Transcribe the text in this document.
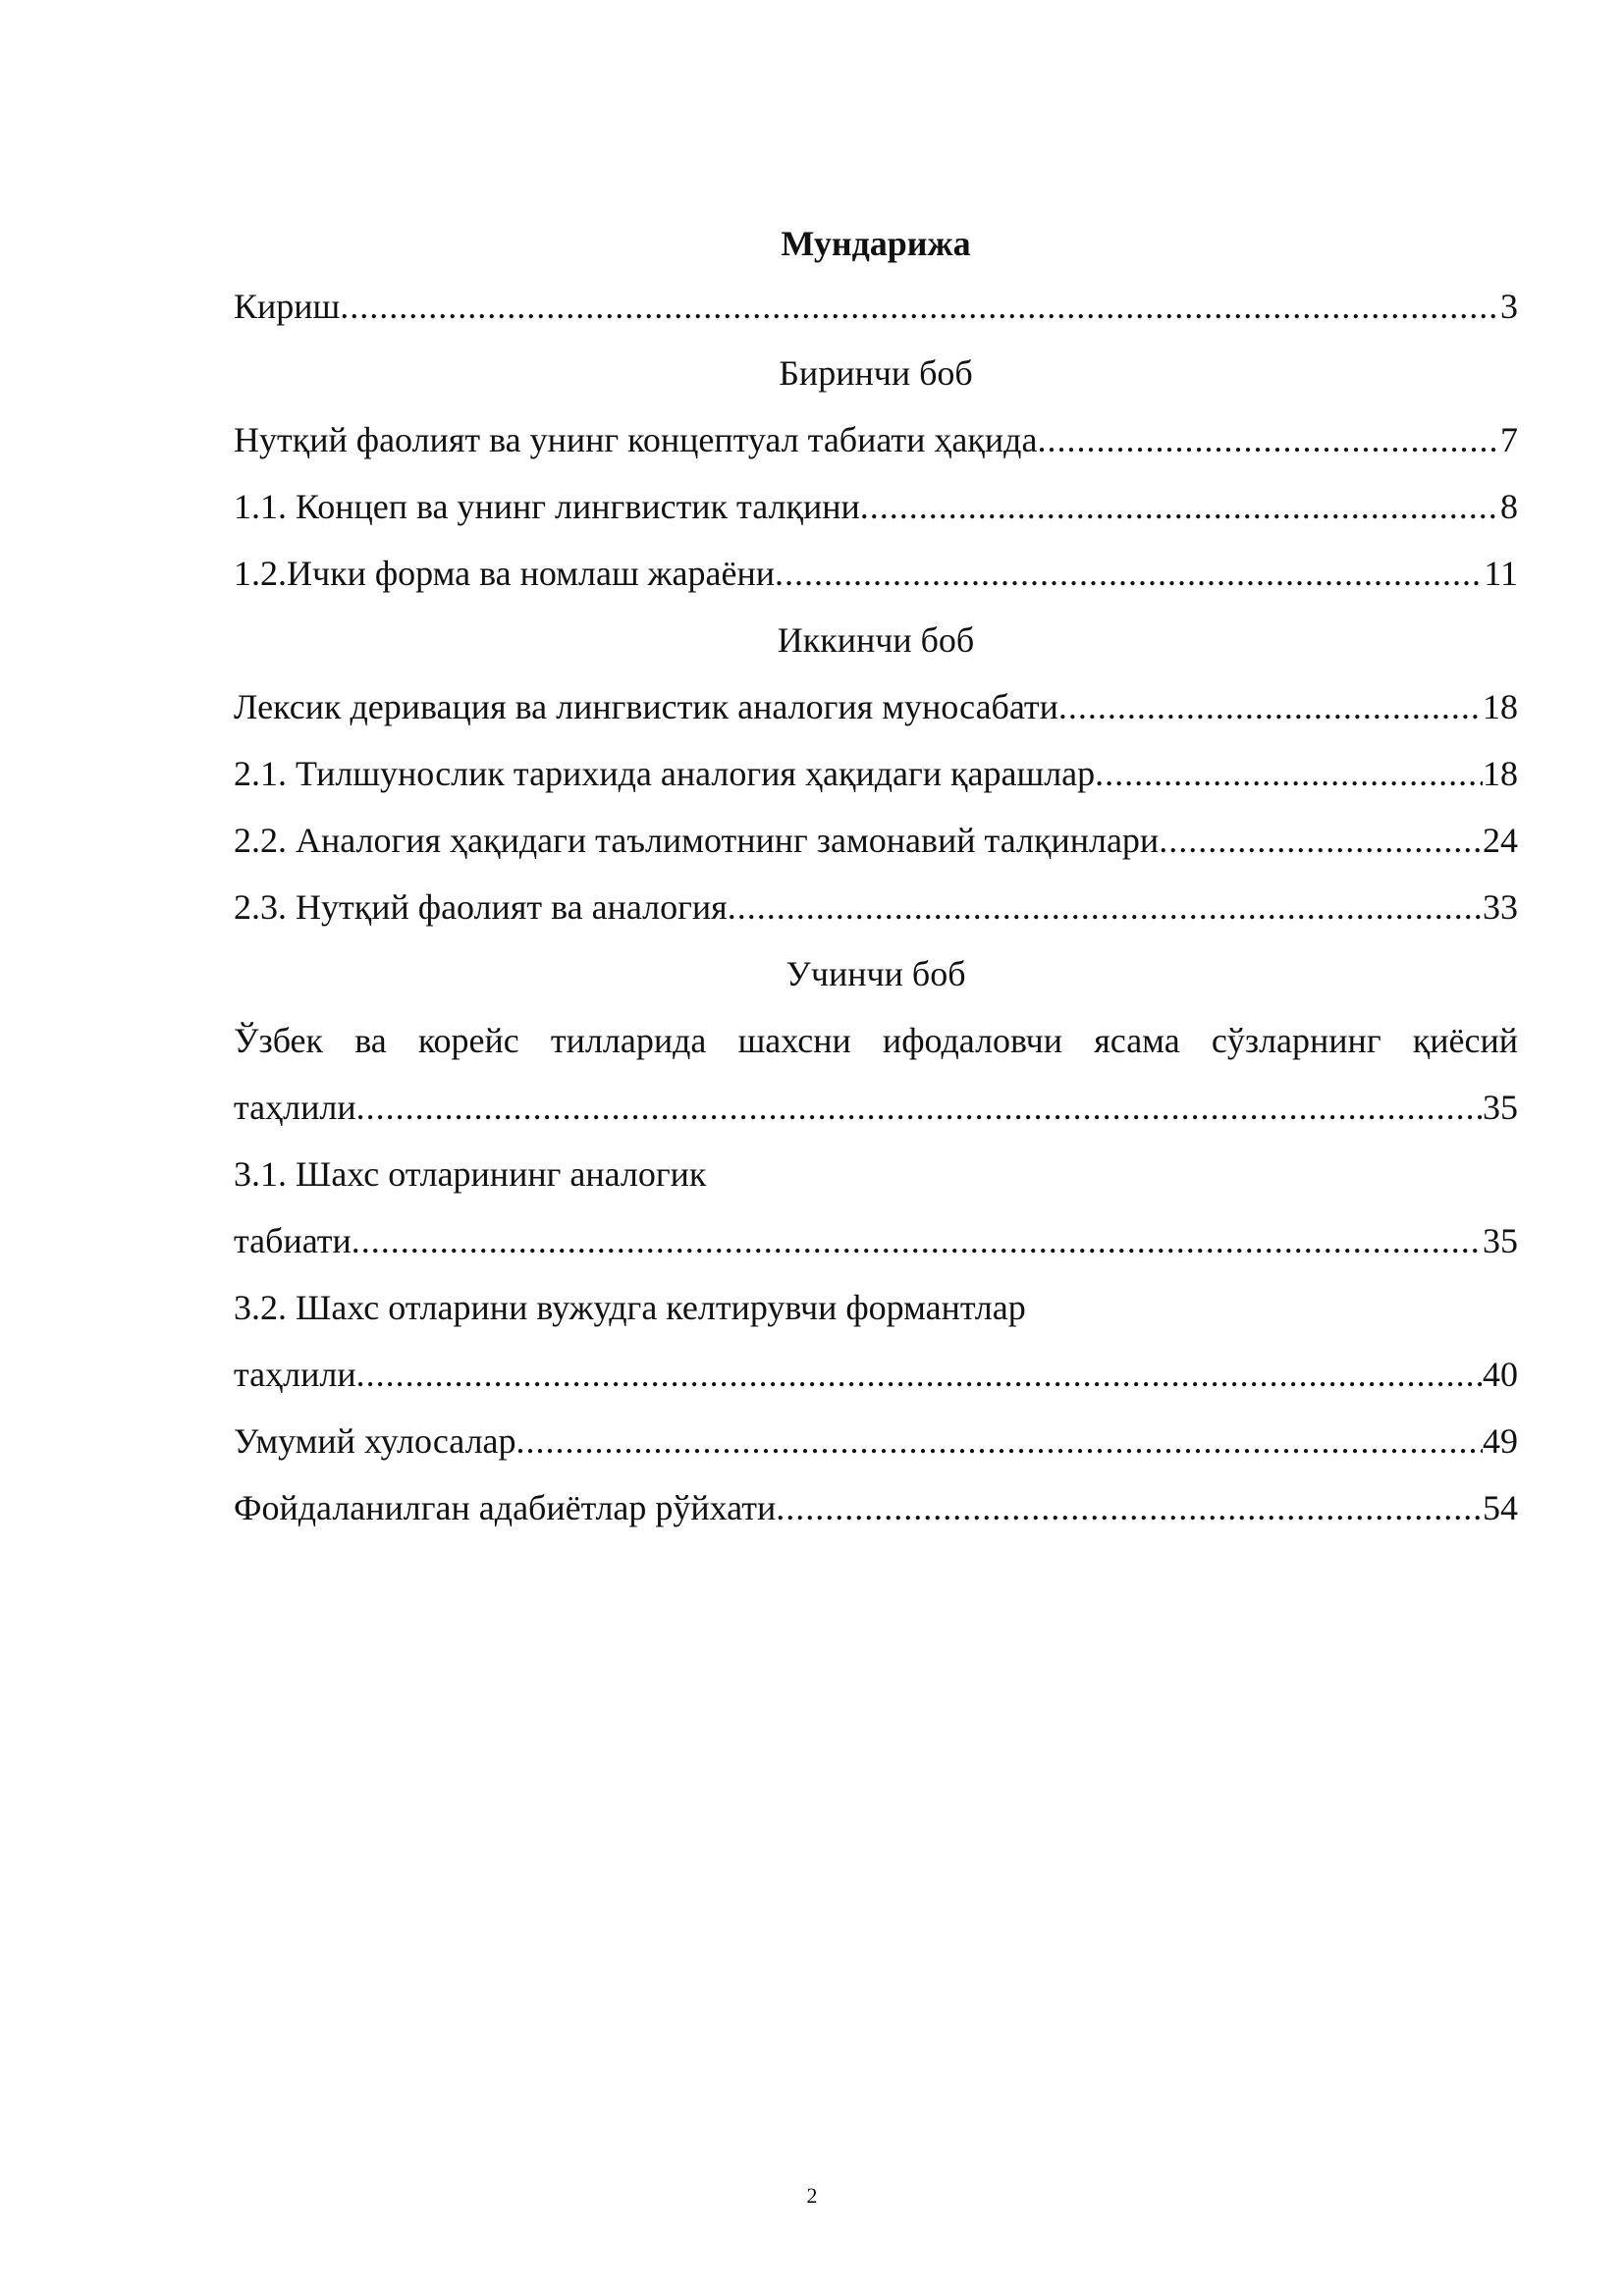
Мундарижа
Кириш .....	3
Биринчи боб
Нутқий фаолият ва унинг концептуал табиати ҳақида .....	7
1.1. Концеп ва унинг лингвистик талқини .....	8
1.2.Ички форма ва номлаш жараёни .....	11
Иккинчи боб
Лексик деривация ва лингвистик аналогия муносабати .....	18
2.1. Тилшунослик тарихида аналогия ҳақидаги қарашлар .....	18
2.2. Аналогия ҳақидаги таълимотнинг замонавий талқинлари .....	24
2.3. Нутқий фаолият ва аналогия .....	33
Учинчи боб
Ўзбек ва корейс тилларида шахсни ифодаловчи ясама сўзларнинг қиёсий
таҳлили .....	35
3.1. Шахс отларининг аналогик
табиати .....	35
3.2. Шахс отларини вужудга келтирувчи формантлар
таҳлили .....	40
Умумий хулосалар .....	49
Фойдаланилган адабиётлар рўйхати .....	54
2
